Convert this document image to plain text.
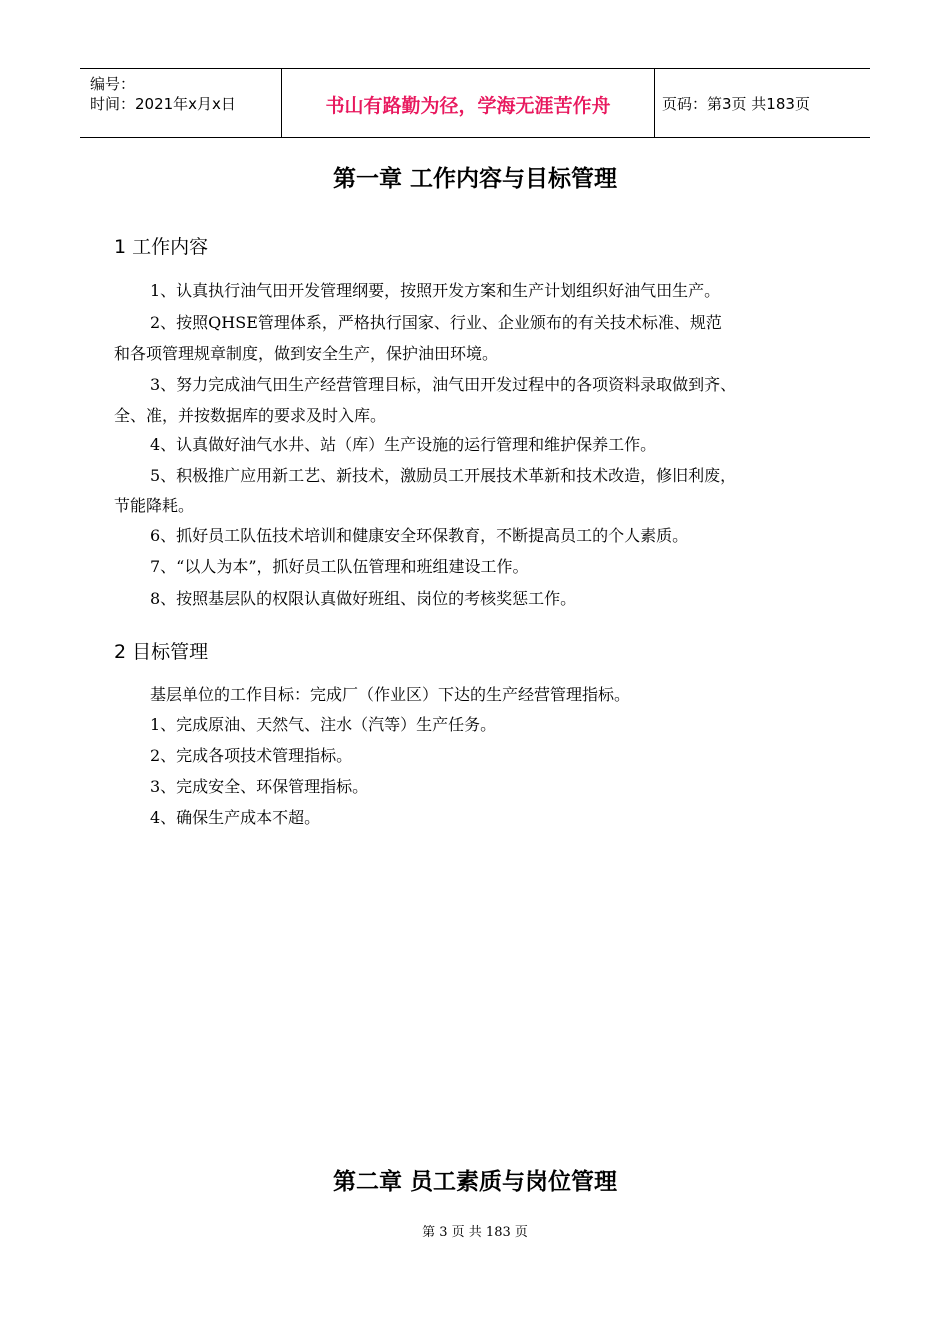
编号：
时间：2021年x月x日	书山有路勤为径，学海无涯苦作舟	页码：第3页 共183页
第一章 工作内容与目标管理
1 工作内容
1、认真执行油气田开发管理纲要，按照开发方案和生产计划组织好油气田生产。
2、按照QHSE管理体系，严格执行国家、行业、企业颁布的有关技术标准、规范
和各项管理规章制度，做到安全生产，保护油田环境。
3、努力完成油气田生产经营管理目标，油气田开发过程中的各项资料录取做到齐、
全、准，并按数据库的要求及时入库。
4、认真做好油气水井、站（库）生产设施的运行管理和维护保养工作。
5、积极推广应用新工艺、新技术，激励员工开展技术革新和技术改造，修旧利废，
节能降耗。
6、抓好员工队伍技术培训和健康安全环保教育，不断提高员工的个人素质。
7、“以人为本”，抓好员工队伍管理和班组建设工作。
8、按照基层队的权限认真做好班组、岗位的考核奖惩工作。
2 目标管理
基层单位的工作目标：完成厂（作业区）下达的生产经营管理指标。
1、完成原油、天然气、注水（汽等）生产任务。
2、完成各项技术管理指标。
3、完成安全、环保管理指标。
4、确保生产成本不超。
第二章 员工素质与岗位管理
第 3 页 共 183 页
